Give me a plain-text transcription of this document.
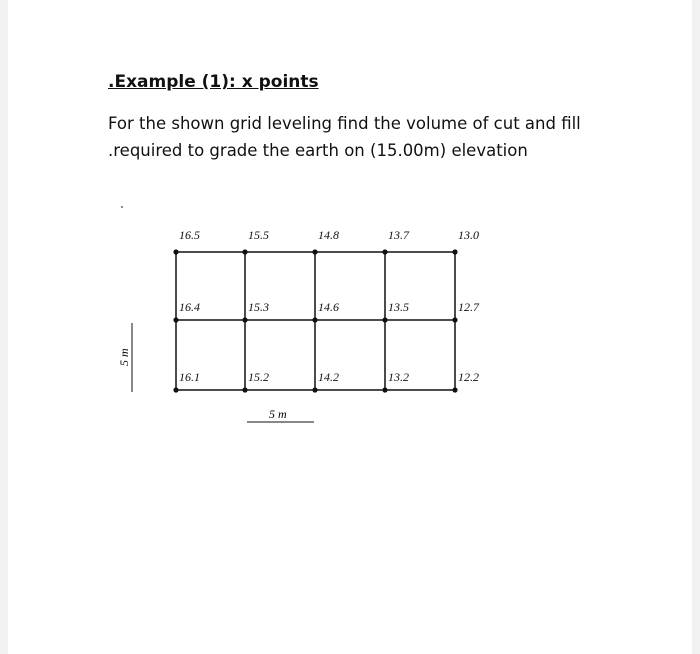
.Example (1): x points
For the shown grid leveling find the volume of cut and fill
.required to grade the earth on (15.00m) elevation
16.5	15.5	14.8	13.7	13.0
16.4	15.3	14.6	13.5	12.7
16.1	15.2	14.2	13.2	12.2
5 m
5 m
